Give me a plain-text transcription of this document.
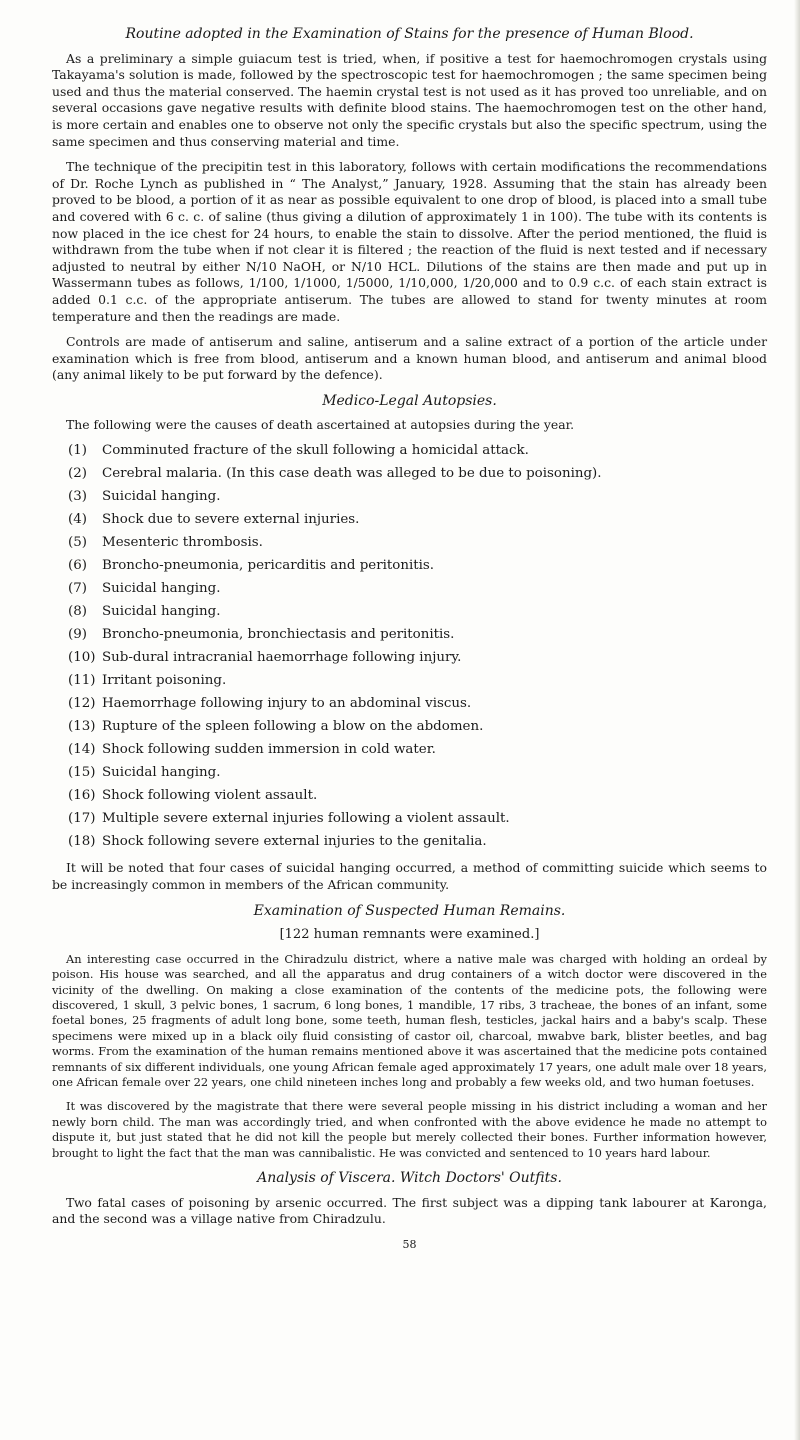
Routine adopted in the Examination of Stains for the presence of Human Blood.

As a preliminary a simple guiacum test is tried, when, if positive a test for haemochromogen crystals using Takayama's solution is made, followed by the spectroscopic test for haemochromogen ; the same specimen being used and thus the material conserved. The haemin crystal test is not used as it has proved too unreliable, and on several occasions gave negative results with definite blood stains. The haemochromogen test on the other hand, is more certain and enables one to observe not only the specific crystals but also the specific spectrum, using the same specimen and thus conserving material and time.

The technique of the precipitin test in this laboratory, follows with certain modifications the recommendations of Dr. Roche Lynch as published in “ The Analyst,” January, 1928. Assuming that the stain has already been proved to be blood, a portion of it as near as possible equivalent to one drop of blood, is placed into a small tube and covered with 6 c. c. of saline (thus giving a dilution of approximately 1 in 100). The tube with its contents is now placed in the ice chest for 24 hours, to enable the stain to dissolve. After the period mentioned, the fluid is withdrawn from the tube when if not clear it is filtered ; the reaction of the fluid is next tested and if necessary adjusted to neutral by either N/10 NaOH, or N/10 HCL. Dilutions of the stains are then made and put up in Wassermann tubes as follows, 1/100, 1/1000, 1/5000, 1/10,000, 1/20,000 and to 0.9 c.c. of each stain extract is added 0.1 c.c. of the appropriate antiserum. The tubes are allowed to stand for twenty minutes at room temperature and then the readings are made.

Controls are made of antiserum and saline, antiserum and a saline extract of a portion of the article under examination which is free from blood, antiserum and a known human blood, and antiserum and animal blood (any animal likely to be put forward by the defence).

Medico-Legal Autopsies.

The following were the causes of death ascertained at autopsies during the year.

(1) Comminuted fracture of the skull following a homicidal attack.
(2) Cerebral malaria. (In this case death was alleged to be due to poisoning).
(3) Suicidal hanging.
(4) Shock due to severe external injuries.
(5) Mesenteric thrombosis.
(6) Broncho-pneumonia, pericarditis and peritonitis.
(7) Suicidal hanging.
(8) Suicidal hanging.
(9) Broncho-pneumonia, bronchiectasis and peritonitis.
(10) Sub-dural intracranial haemorrhage following injury.
(11) Irritant poisoning.
(12) Haemorrhage following injury to an abdominal viscus.
(13) Rupture of the spleen following a blow on the abdomen.
(14) Shock following sudden immersion in cold water.
(15) Suicidal hanging.
(16) Shock following violent assault.
(17) Multiple severe external injuries following a violent assault.
(18) Shock following severe external injuries to the genitalia.

It will be noted that four cases of suicidal hanging occurred, a method of committing suicide which seems to be increasingly common in members of the African community.

Examination of Suspected Human Remains.
[122 human remnants were examined.]

An interesting case occurred in the Chiradzulu district, where a native male was charged with holding an ordeal by poison. His house was searched, and all the apparatus and drug containers of a witch doctor were discovered in the vicinity of the dwelling. On making a close examination of the contents of the medicine pots, the following were discovered, 1 skull, 3 pelvic bones, 1 sacrum, 6 long bones, 1 mandible, 17 ribs, 3 tracheae, the bones of an infant, some foetal bones, 25 fragments of adult long bone, some teeth, human flesh, testicles, jackal hairs and a baby's scalp. These specimens were mixed up in a black oily fluid consisting of castor oil, charcoal, mwabve bark, blister beetles, and bag worms. From the examination of the human remains mentioned above it was ascertained that the medicine pots contained remnants of six different individuals, one young African female aged approximately 17 years, one adult male over 18 years, one African female over 22 years, one child nineteen inches long and probably a few weeks old, and two human foetuses.

It was discovered by the magistrate that there were several people missing in his district including a woman and her newly born child. The man was accordingly tried, and when confronted with the above evidence he made no attempt to dispute it, but just stated that he did not kill the people but merely collected their bones. Further information however, brought to light the fact that the man was cannibalistic. He was convicted and sentenced to 10 years hard labour.

Analysis of Viscera. Witch Doctors' Outfits.

Two fatal cases of poisoning by arsenic occurred. The first subject was a dipping tank labourer at Karonga, and the second was a village native from Chiradzulu.

58
